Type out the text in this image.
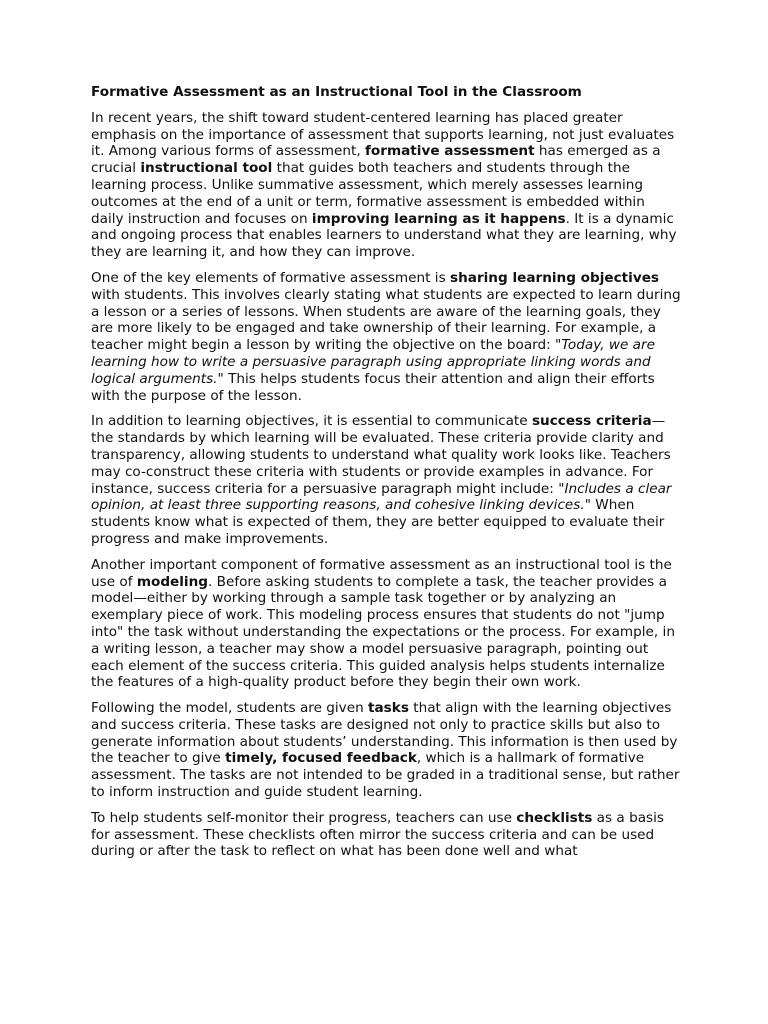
Formative Assessment as an Instructional Tool in the Classroom

In recent years, the shift toward student-centered learning has placed greater emphasis on the importance of assessment that supports learning, not just evaluates it. Among various forms of assessment, formative assessment has emerged as a crucial instructional tool that guides both teachers and students through the learning process. Unlike summative assessment, which merely assesses learning outcomes at the end of a unit or term, formative assessment is embedded within daily instruction and focuses on improving learning as it happens. It is a dynamic and ongoing process that enables learners to understand what they are learning, why they are learning it, and how they can improve.

One of the key elements of formative assessment is sharing learning objectives with students. This involves clearly stating what students are expected to learn during a lesson or a series of lessons. When students are aware of the learning goals, they are more likely to be engaged and take ownership of their learning. For example, a teacher might begin a lesson by writing the objective on the board: "Today, we are learning how to write a persuasive paragraph using appropriate linking words and logical arguments." This helps students focus their attention and align their efforts with the purpose of the lesson.

In addition to learning objectives, it is essential to communicate success criteria—the standards by which learning will be evaluated. These criteria provide clarity and transparency, allowing students to understand what quality work looks like. Teachers may co-construct these criteria with students or provide examples in advance. For instance, success criteria for a persuasive paragraph might include: "Includes a clear opinion, at least three supporting reasons, and cohesive linking devices." When students know what is expected of them, they are better equipped to evaluate their progress and make improvements.

Another important component of formative assessment as an instructional tool is the use of modeling. Before asking students to complete a task, the teacher provides a model—either by working through a sample task together or by analyzing an exemplary piece of work. This modeling process ensures that students do not "jump into" the task without understanding the expectations or the process. For example, in a writing lesson, a teacher may show a model persuasive paragraph, pointing out each element of the success criteria. This guided analysis helps students internalize the features of a high-quality product before they begin their own work.

Following the model, students are given tasks that align with the learning objectives and success criteria. These tasks are designed not only to practice skills but also to generate information about students’ understanding. This information is then used by the teacher to give timely, focused feedback, which is a hallmark of formative assessment. The tasks are not intended to be graded in a traditional sense, but rather to inform instruction and guide student learning.

To help students self-monitor their progress, teachers can use checklists as a basis for assessment. These checklists often mirror the success criteria and can be used during or after the task to reflect on what has been done well and what
